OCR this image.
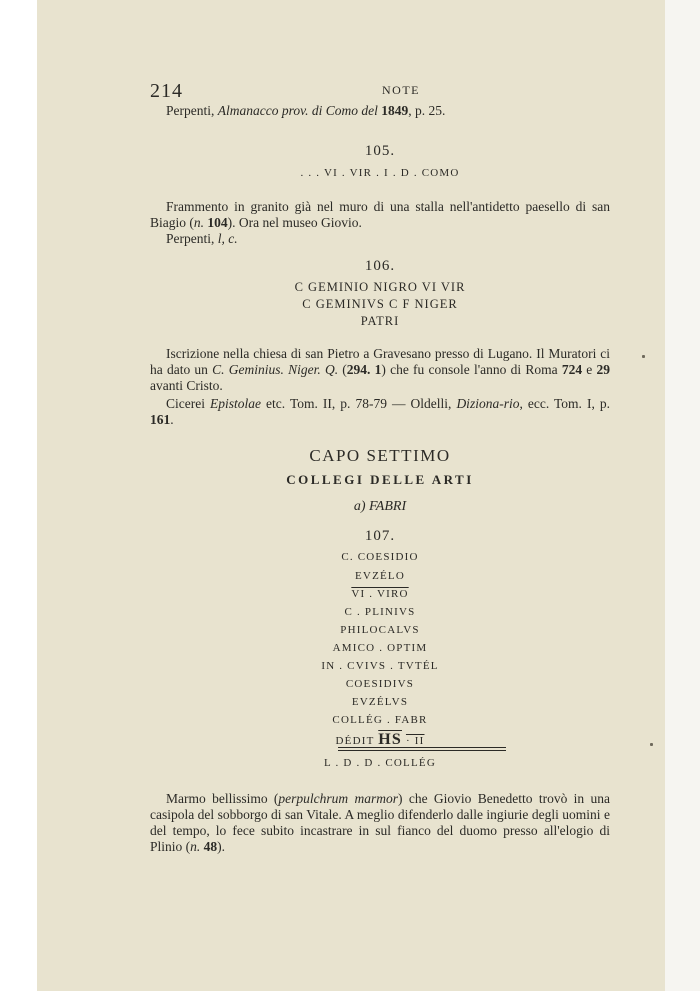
214	NOTE
Perpenti, Almanacco prov. di Como del 1849, p. 25.
105.
. . . VI . VIR . I . D . COMO
Frammento in granito già nel muro di una stalla nell'antidetto paesello di san Biagio (n. 104). Ora nel museo Giovio.
Perpenti, l, c.
106.
C GEMINIO NIGRO VI VIR
C GEMINIVS C F NIGER
PATRI
Iscrizione nella chiesa di san Pietro a Gravesano presso di Lugano. Il Muratori ci ha dato un C. Geminius. Niger. Q. (294. 1) che fu console l'anno di Roma 724 e 29 avanti Cristo.
Cicerei Epistolae etc. Tom. II, p. 78-79 — Oldelli, Diziona-rio, ecc. Tom. I, p. 161.
CAPO SETTIMO
COLLEGI DELLE ARTI
a) FABRI
107.
C. COESIDIO
EVZÉLO
VI . VIRO
C . PLINIVS
PHILOCALVS
AMICO . OPTIM
IN . CVIVS . TVTÉL
COESIDIVS
EVZÉLVS
COLLÉG . FABR
DÉDIT $\overline{HS}$ · II
L . D . D . COLLÉG
Marmo bellissimo (perpulchrum marmor) che Giovio Benedetto trovò in una casipola del sobborgo di san Vitale. A meglio difenderlo dalle ingiurie degli uomini e del tempo, lo fece subito incastrare in sul fianco del duomo presso all'elogio di Plinio (n. 48).
